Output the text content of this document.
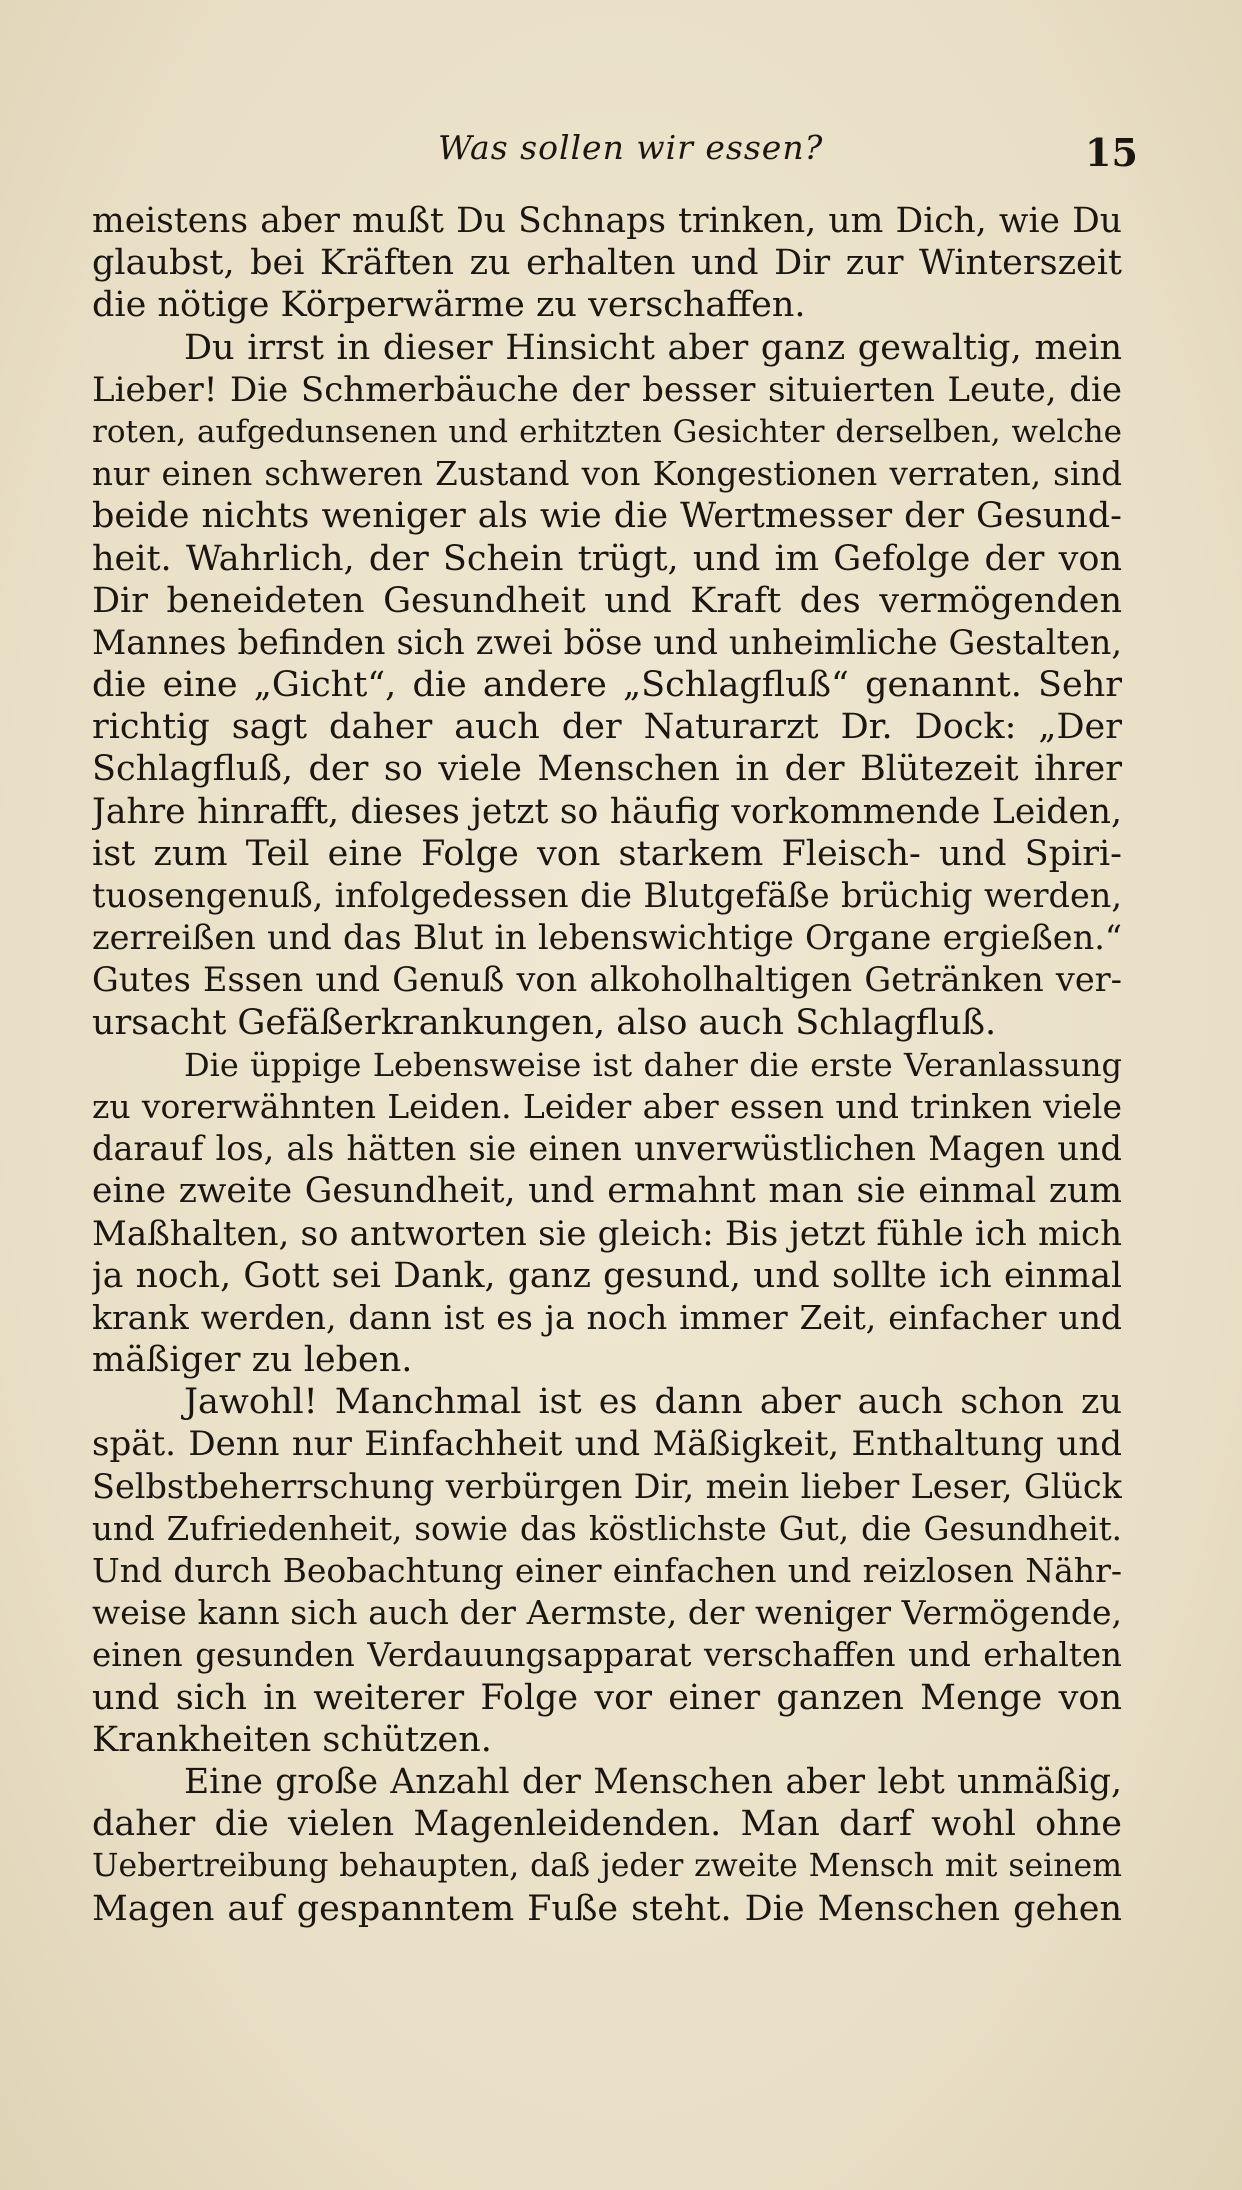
Was sollen wir essen?	15
meistens aber mußt Du Schnaps trinken, um Dich, wie Du
glaubst, bei Kräften zu erhalten und Dir zur Winterszeit
die nötige Körperwärme zu verschaffen.
Du irrst in dieser Hinsicht aber ganz gewaltig, mein
Lieber! Die Schmerbäuche der besser situierten Leute, die
roten, aufgedunsenen und erhitzten Gesichter derselben, welche
nur einen schweren Zustand von Kongestionen verraten, sind
beide nichts weniger als wie die Wertmesser der Gesund-
heit. Wahrlich, der Schein trügt, und im Gefolge der von
Dir beneideten Gesundheit und Kraft des vermögenden
Mannes befinden sich zwei böse und unheimliche Gestalten,
die eine „Gicht“, die andere „Schlagfluß“ genannt. Sehr
richtig sagt daher auch der Naturarzt Dr. Dock: „Der
Schlagfluß, der so viele Menschen in der Blütezeit ihrer
Jahre hinrafft, dieses jetzt so häufig vorkommende Leiden,
ist zum Teil eine Folge von starkem Fleisch- und Spiri-
tuosengenuß, infolgedessen die Blutgefäße brüchig werden,
zerreißen und das Blut in lebenswichtige Organe ergießen.“
Gutes Essen und Genuß von alkoholhaltigen Getränken ver-
ursacht Gefäßerkrankungen, also auch Schlagfluß.
Die üppige Lebensweise ist daher die erste Veranlassung
zu vorerwähnten Leiden. Leider aber essen und trinken viele
darauf los, als hätten sie einen unverwüstlichen Magen und
eine zweite Gesundheit, und ermahnt man sie einmal zum
Maßhalten, so antworten sie gleich: Bis jetzt fühle ich mich
ja noch, Gott sei Dank, ganz gesund, und sollte ich einmal
krank werden, dann ist es ja noch immer Zeit, einfacher und
mäßiger zu leben.
Jawohl! Manchmal ist es dann aber auch schon zu
spät. Denn nur Einfachheit und Mäßigkeit, Enthaltung und
Selbstbeherrschung verbürgen Dir, mein lieber Leser, Glück
und Zufriedenheit, sowie das köstlichste Gut, die Gesundheit.
Und durch Beobachtung einer einfachen und reizlosen Nähr-
weise kann sich auch der Aermste, der weniger Vermögende,
einen gesunden Verdauungsapparat verschaffen und erhalten
und sich in weiterer Folge vor einer ganzen Menge von
Krankheiten schützen.
Eine große Anzahl der Menschen aber lebt unmäßig,
daher die vielen Magenleidenden. Man darf wohl ohne
Uebertreibung behaupten, daß jeder zweite Mensch mit seinem
Magen auf gespanntem Fuße steht. Die Menschen gehen
